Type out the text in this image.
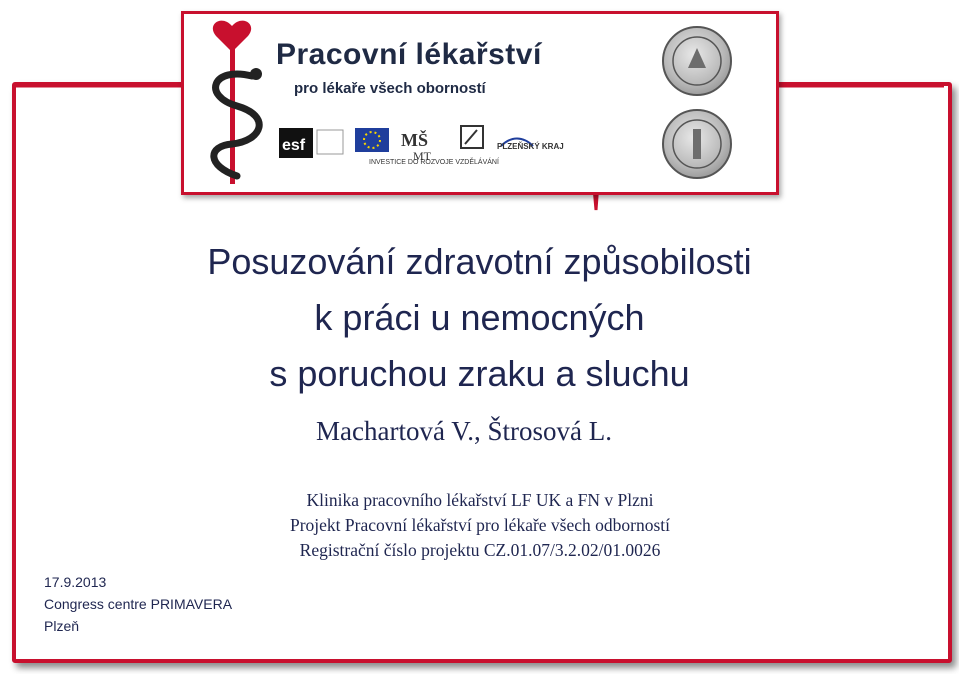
Pracovní lékařství
pro lékaře všech oborností
esf	MŠ
MT
PLZEŇSKÝ KRAJ
INVESTICE DO ROZVOJE VZDĚLÁVÁNÍ
Posuzování zdravotní způsobilosti
k práci u nemocných
s poruchou zraku a sluchu
Machartová V., Štrosová L.
Klinika pracovního lékařství LF UK a FN v Plzni
Projekt Pracovní lékařství pro lékaře všech odborností
Registrační číslo projektu CZ.01.07/3.2.02/01.0026
17.9.2013
Congress centre PRIMAVERA
Plzeň
